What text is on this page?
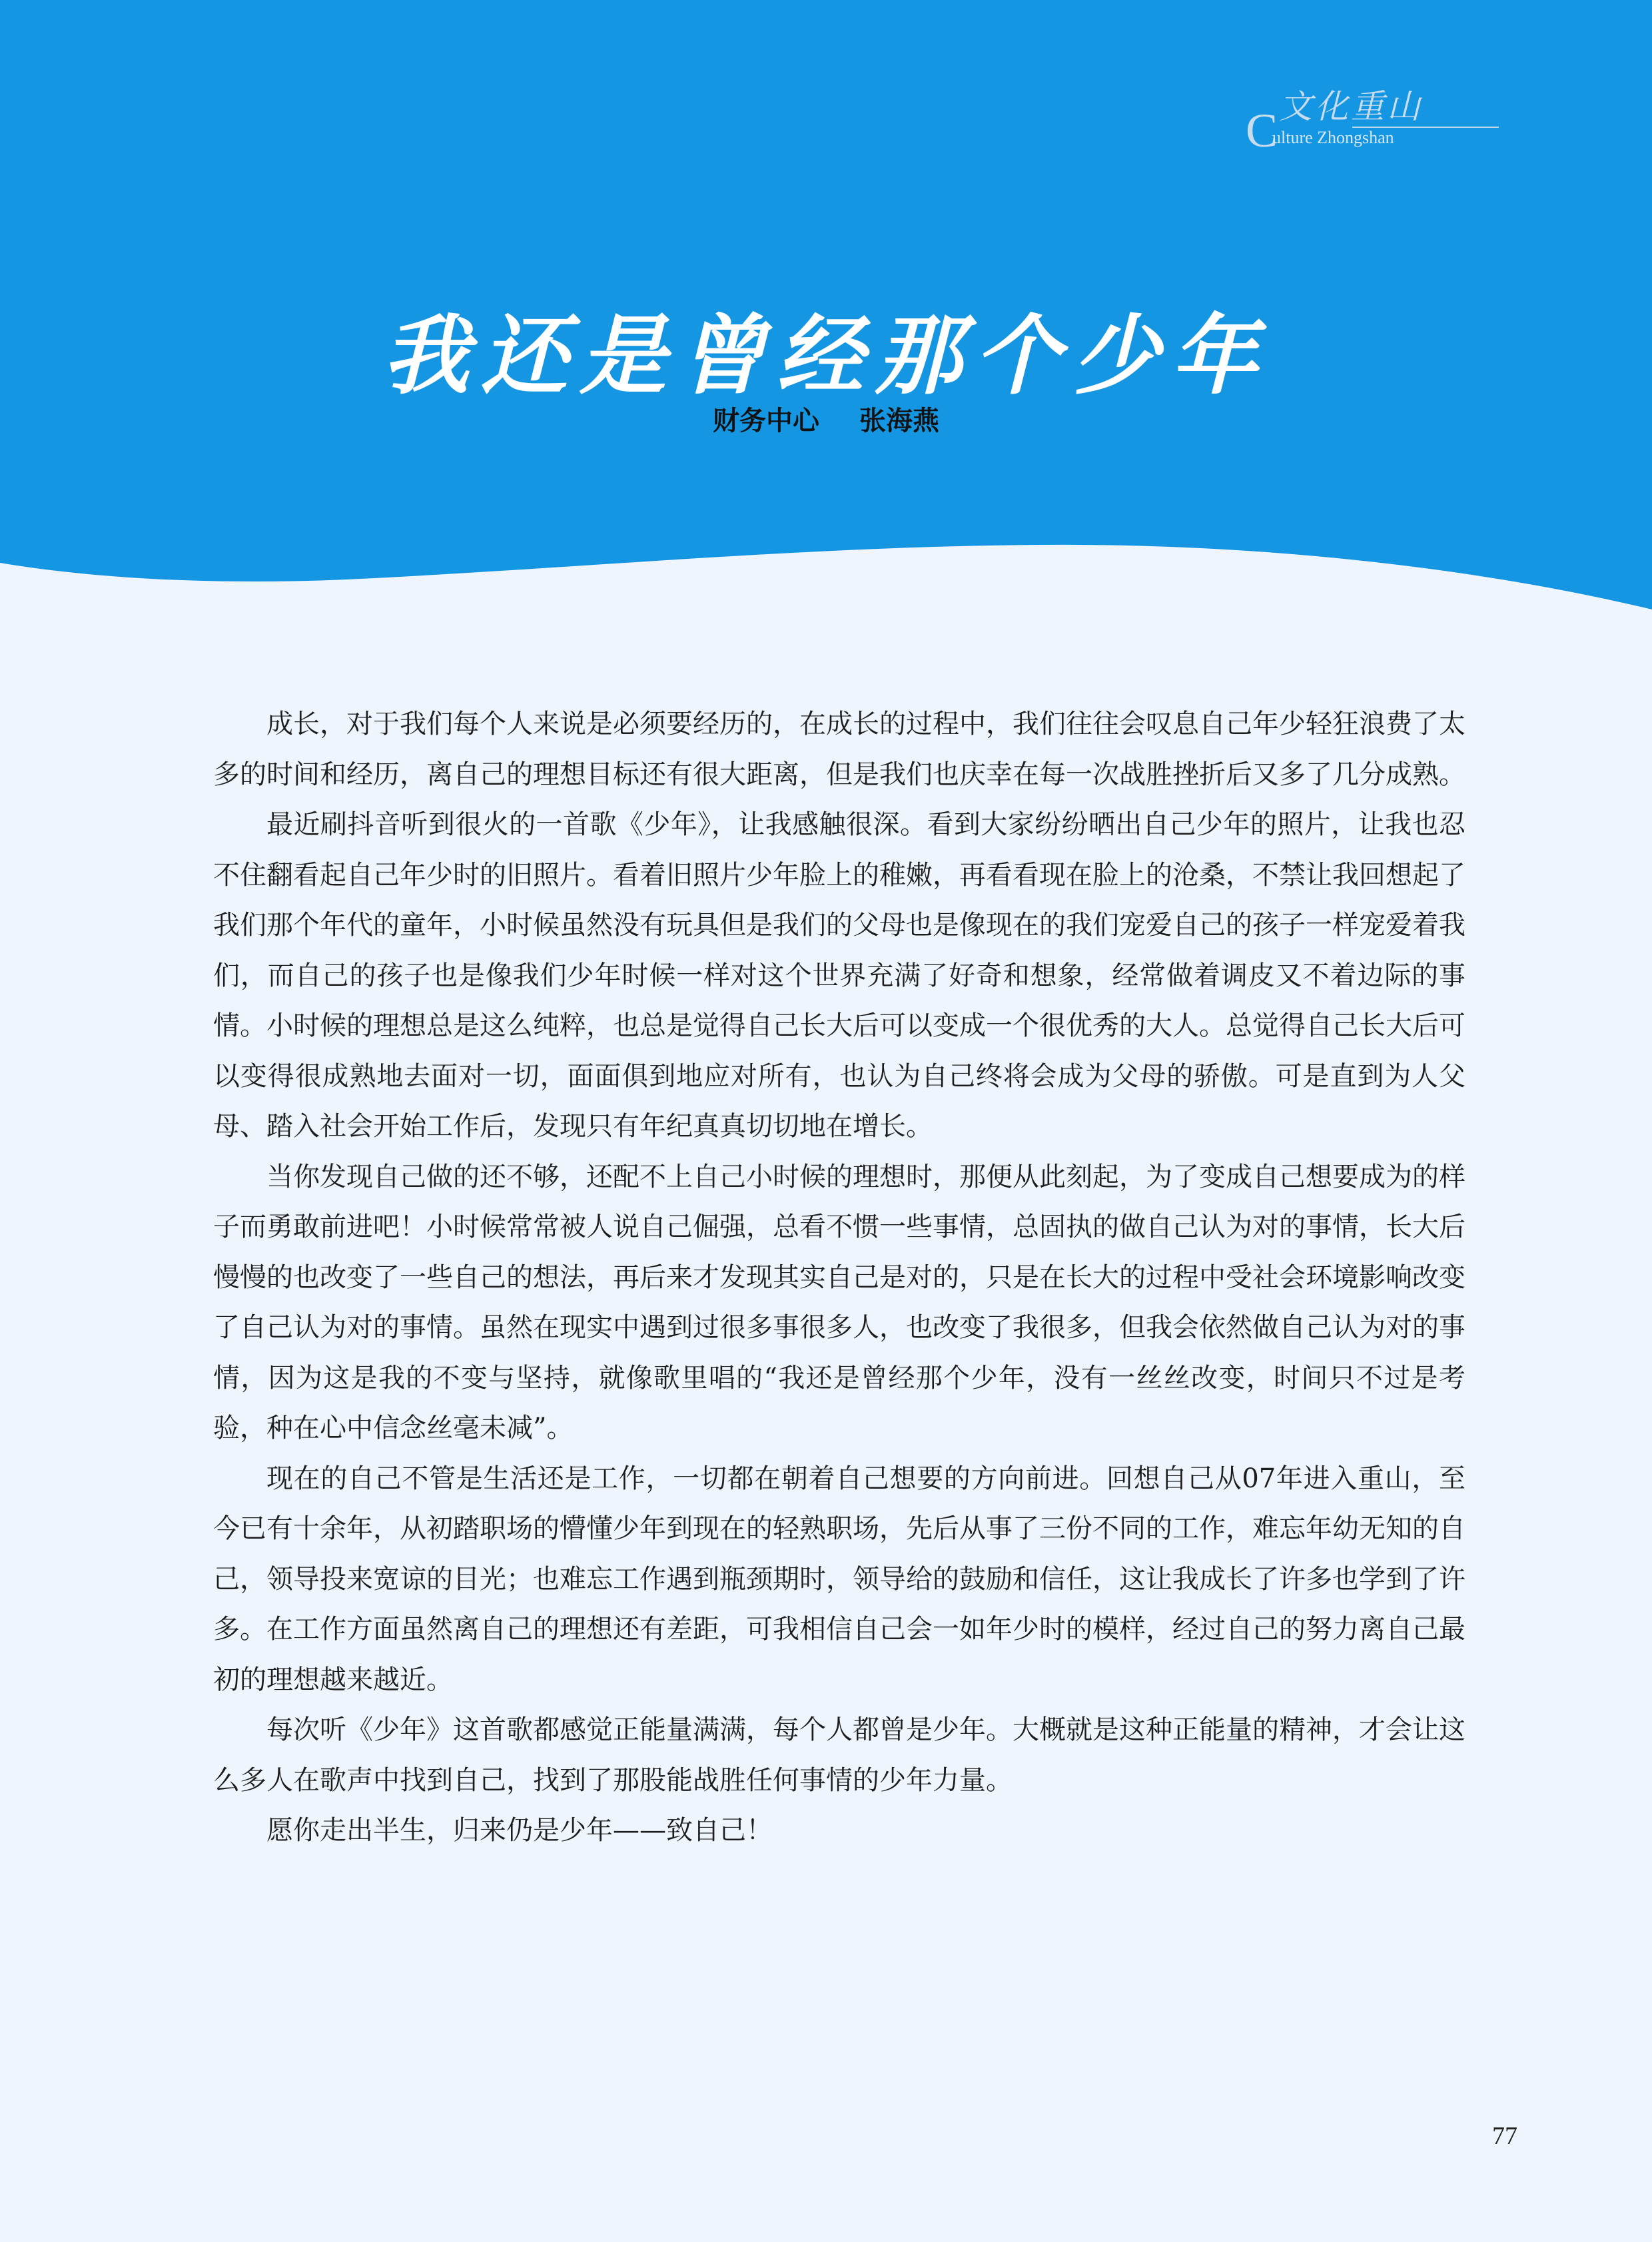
文化重山
C
ulture Zhongshan
我还是曾经那个少年
财务中心 张海燕

成长，对于我们每个人来说是必须要经历的，在成长的过程中，我们往往会叹息自己年少轻狂浪费了太多的时间和经历，离自己的理想目标还有很大距离，但是我们也庆幸在每一次战胜挫折后又多了几分成熟。

最近刷抖音听到很火的一首歌《少年》，让我感触很深。看到大家纷纷晒出自己少年的照片，让我也忍不住翻看起自己年少时的旧照片。看着旧照片少年脸上的稚嫩，再看看现在脸上的沧桑，不禁让我回想起了我们那个年代的童年，小时候虽然没有玩具但是我们的父母也是像现在的我们宠爱自己的孩子一样宠爱着我们，而自己的孩子也是像我们少年时候一样对这个世界充满了好奇和想象，经常做着调皮又不着边际的事情。小时候的理想总是这么纯粹，也总是觉得自己长大后可以变成一个很优秀的大人。总觉得自己长大后可以变得很成熟地去面对一切，面面俱到地应对所有，也认为自己终将会成为父母的骄傲。可是直到为人父母、踏入社会开始工作后，发现只有年纪真真切切地在增长。

当你发现自己做的还不够，还配不上自己小时候的理想时，那便从此刻起，为了变成自己想要成为的样子而勇敢前进吧！小时候常常被人说自己倔强，总看不惯一些事情，总固执的做自己认为对的事情，长大后慢慢的也改变了一些自己的想法，再后来才发现其实自己是对的，只是在长大的过程中受社会环境影响改变了自己认为对的事情。虽然在现实中遇到过很多事很多人，也改变了我很多，但我会依然做自己认为对的事情，因为这是我的不变与坚持，就像歌里唱的“我还是曾经那个少年，没有一丝丝改变，时间只不过是考验，种在心中信念丝毫未减”。

现在的自己不管是生活还是工作，一切都在朝着自己想要的方向前进。回想自己从07年进入重山，至今已有十余年，从初踏职场的懵懂少年到现在的轻熟职场，先后从事了三份不同的工作，难忘年幼无知的自己，领导投来宽谅的目光；也难忘工作遇到瓶颈期时，领导给的鼓励和信任，这让我成长了许多也学到了许多。在工作方面虽然离自己的理想还有差距，可我相信自己会一如年少时的模样，经过自己的努力离自己最初的理想越来越近。

每次听《少年》这首歌都感觉正能量满满，每个人都曾是少年。大概就是这种正能量的精神，才会让这么多人在歌声中找到自己，找到了那股能战胜任何事情的少年力量。

愿你走出半生，归来仍是少年——致自己！

77
